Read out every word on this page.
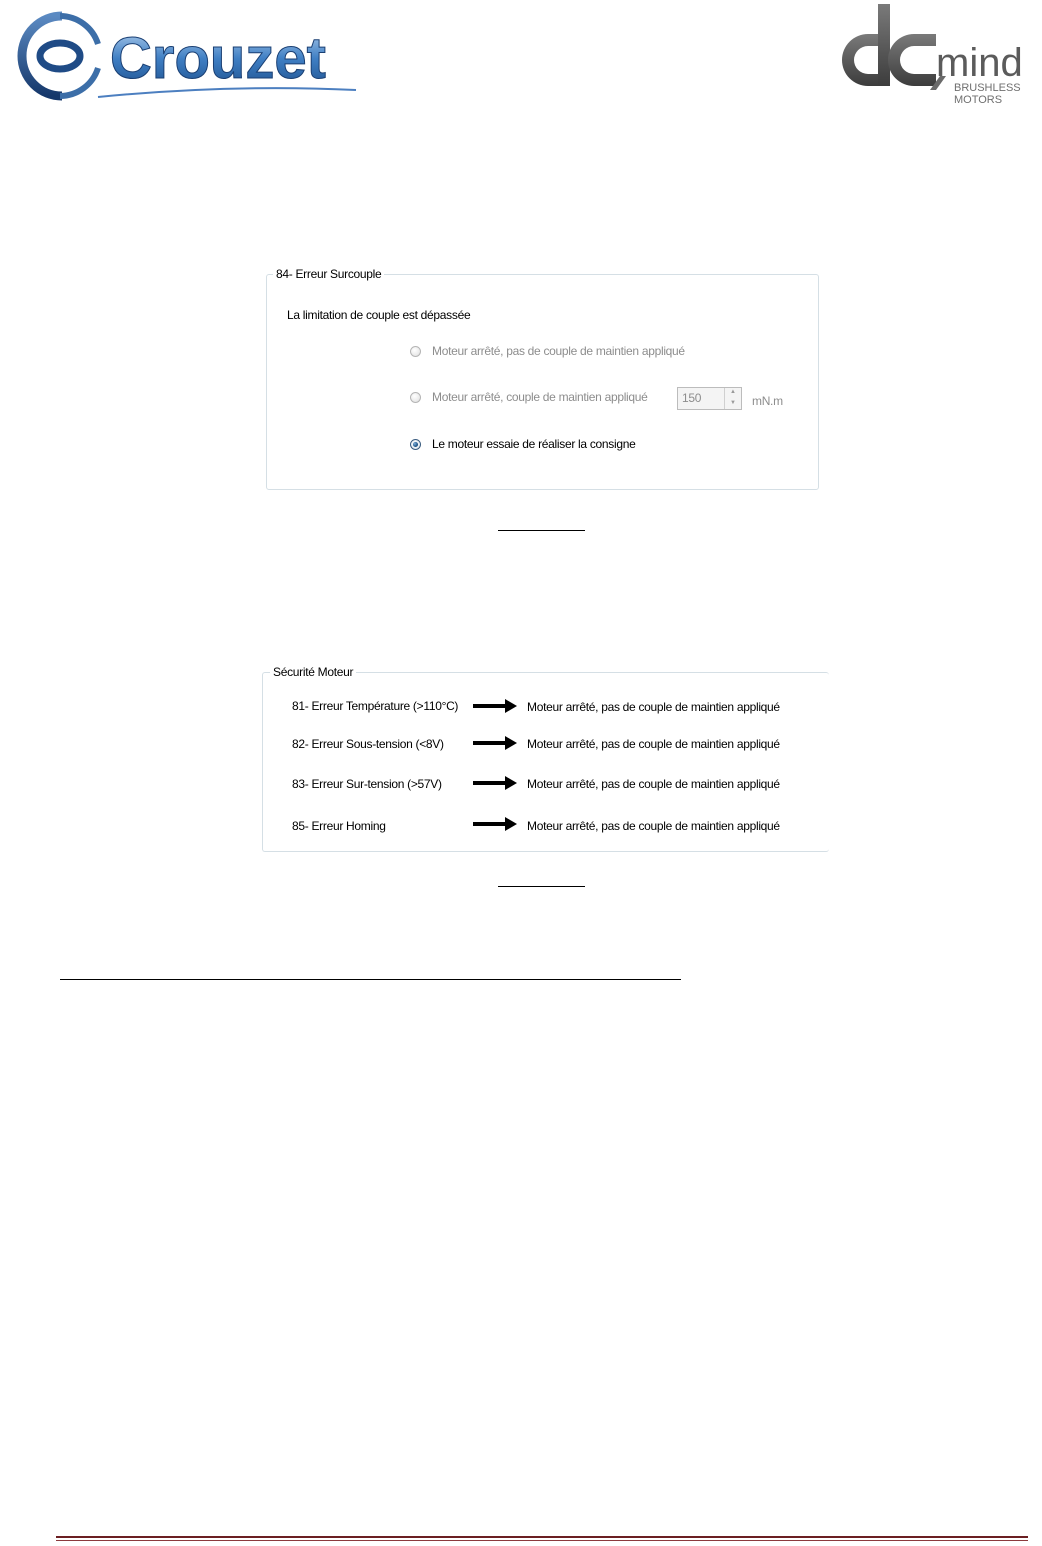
Crouzet
dCmind
mind
BRUSHLESS
MOTORS
84- Erreur Surcouple
La limitation de couple est dépassée
Moteur arrêté, pas de couple de maintien appliqué
Moteur arrêté, couple de maintien appliqué	150	▲
▼	mN.m
Le moteur essaie de réaliser la consigne
Sécurité Moteur
81- Erreur Température (>110°C)	Moteur arrêté, pas de couple de maintien appliqué
82- Erreur Sous-tension (<8V)	Moteur arrêté, pas de couple de maintien appliqué
83- Erreur Sur-tension (>57V)	Moteur arrêté, pas de couple de maintien appliqué
85- Erreur Homing	Moteur arrêté, pas de couple de maintien appliqué
